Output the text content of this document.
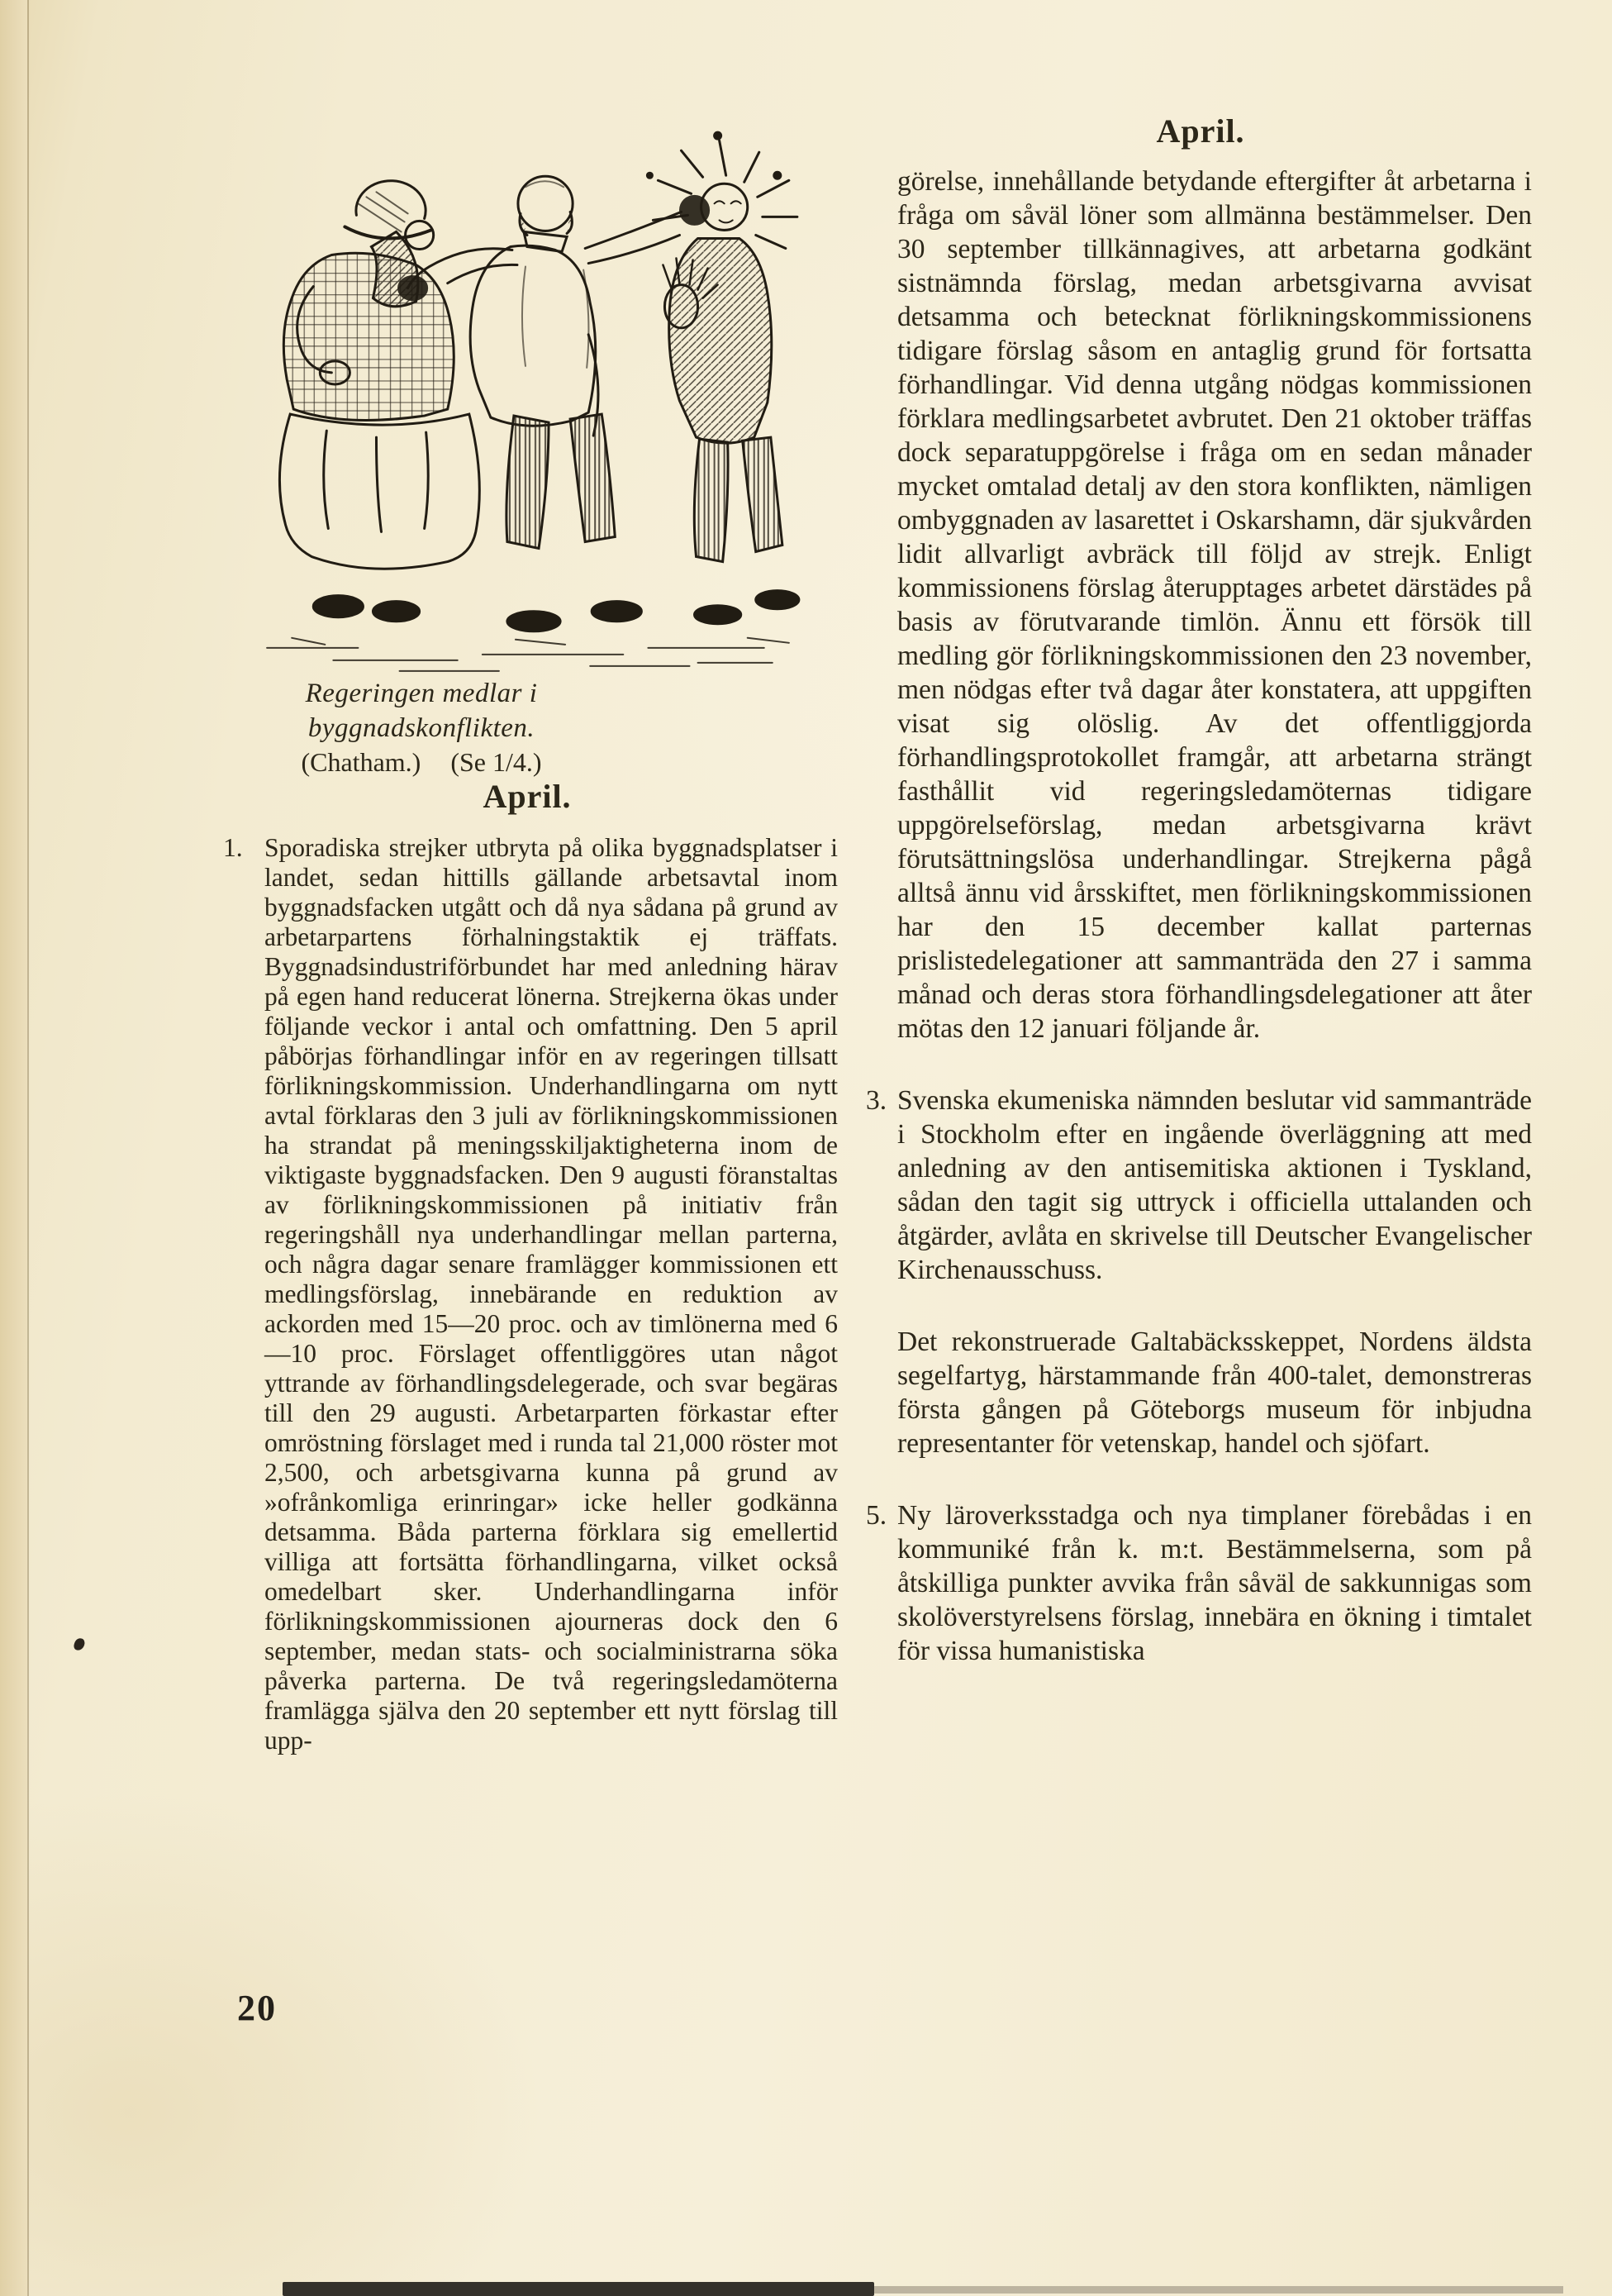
Regeringen medlar i byggnadskonflikten.
(Chatham.) (Se 1/4.)
April.
1. Sporadiska strejker utbryta på olika byggnadsplatser i landet, sedan hittills gällande arbetsavtal inom byggnadsfacken utgått och då nya sådana på grund av arbetarpartens förhalningstaktik ej träffats. Byggnadsindustriförbundet har med anledning härav på egen hand reducerat lönerna. Strejkerna ökas under följande veckor i antal och omfattning. Den 5 april påbörjas förhandlingar inför en av regeringen tillsatt förlikningskommission. Underhandlingarna om nytt avtal förklaras den 3 juli av förlikningskommissionen ha strandat på meningsskiljaktigheterna inom de viktigaste byggnadsfacken. Den 9 augusti föranstaltas av förlikningskommissionen på initiativ från regeringshåll nya underhandlingar mellan parterna, och några dagar senare framlägger kommissionen ett medlingsförslag, innebärande en reduktion av ackorden med 15—20 proc. och av timlönerna med 6—10 proc. Förslaget offentliggöres utan något yttrande av förhandlingsdelegerade, och svar begäras till den 29 augusti. Arbetarparten förkastar efter omröstning förslaget med i runda tal 21,000 röster mot 2,500, och arbetsgivarna kunna på grund av »ofrånkomliga erinringar» icke heller godkänna detsamma. Båda parterna förklara sig emellertid villiga att fortsätta förhandlingarna, vilket också omedelbart sker. Underhandlingarna inför förlikningskommissionen ajourneras dock den 6 september, medan stats- och socialministrarna söka påverka parterna. De två regeringsledamöterna framlägga själva den 20 september ett nytt förslag till upp-

April.

görelse, innehållande betydande eftergifter åt arbetarna i fråga om såväl löner som allmänna bestämmelser. Den 30 september tillkännagives, att arbetarna godkänt sistnämnda förslag, medan arbetsgivarna avvisat detsamma och betecknat förlikningskommissionens tidigare förslag såsom en antaglig grund för fortsatta förhandlingar. Vid denna utgång nödgas kommissionen förklara medlingsarbetet avbrutet. Den 21 oktober träffas dock separatuppgörelse i fråga om en sedan månader mycket omtalad detalj av den stora konflikten, nämligen ombyggnaden av lasarettet i Oskarshamn, där sjukvården lidit allvarligt avbräck till följd av strejk. Enligt kommissionens förslag återupptages arbetet därstädes på basis av förutvarande timlön. Ännu ett försök till medling gör förlikningskommissionen den 23 november, men nödgas efter två dagar åter konstatera, att uppgiften visat sig olöslig. Av det offentliggjorda förhandlingsprotokollet framgår, att arbetarna strängt fasthållit vid regeringsledamöternas tidigare uppgörelseförslag, medan arbetsgivarna krävt förutsättningslösa underhandlingar. Strejkerna pågå alltså ännu vid årsskiftet, men förlikningskommissionen har den 15 december kallat parternas prislistedelegationer att sammanträda den 27 i samma månad och deras stora förhandlingsdelegationer att åter mötas den 12 januari följande år.

3. Svenska ekumeniska nämnden beslutar vid sammanträde i Stockholm efter en ingående överläggning att med anledning av den antisemitiska aktionen i Tyskland, sådan den tagit sig uttryck i officiella uttalanden och åtgärder, avlåta en skrivelse till Deutscher Evangelischer Kirchenausschuss.

Det rekonstruerade Galtabäcksskeppet, Nordens äldsta segelfartyg, härstammande från 400-talet, demonstreras första gången på Göteborgs museum för inbjudna representanter för vetenskap, handel och sjöfart.

5. Ny läroverksstadga och nya timplaner förebådas i en kommuniké från k. m:t. Bestämmelserna, som på åtskilliga punkter avvika från såväl de sakkunnigas som skolöverstyrelsens förslag, innebära en ökning i timtalet för vissa humanistiska

20
